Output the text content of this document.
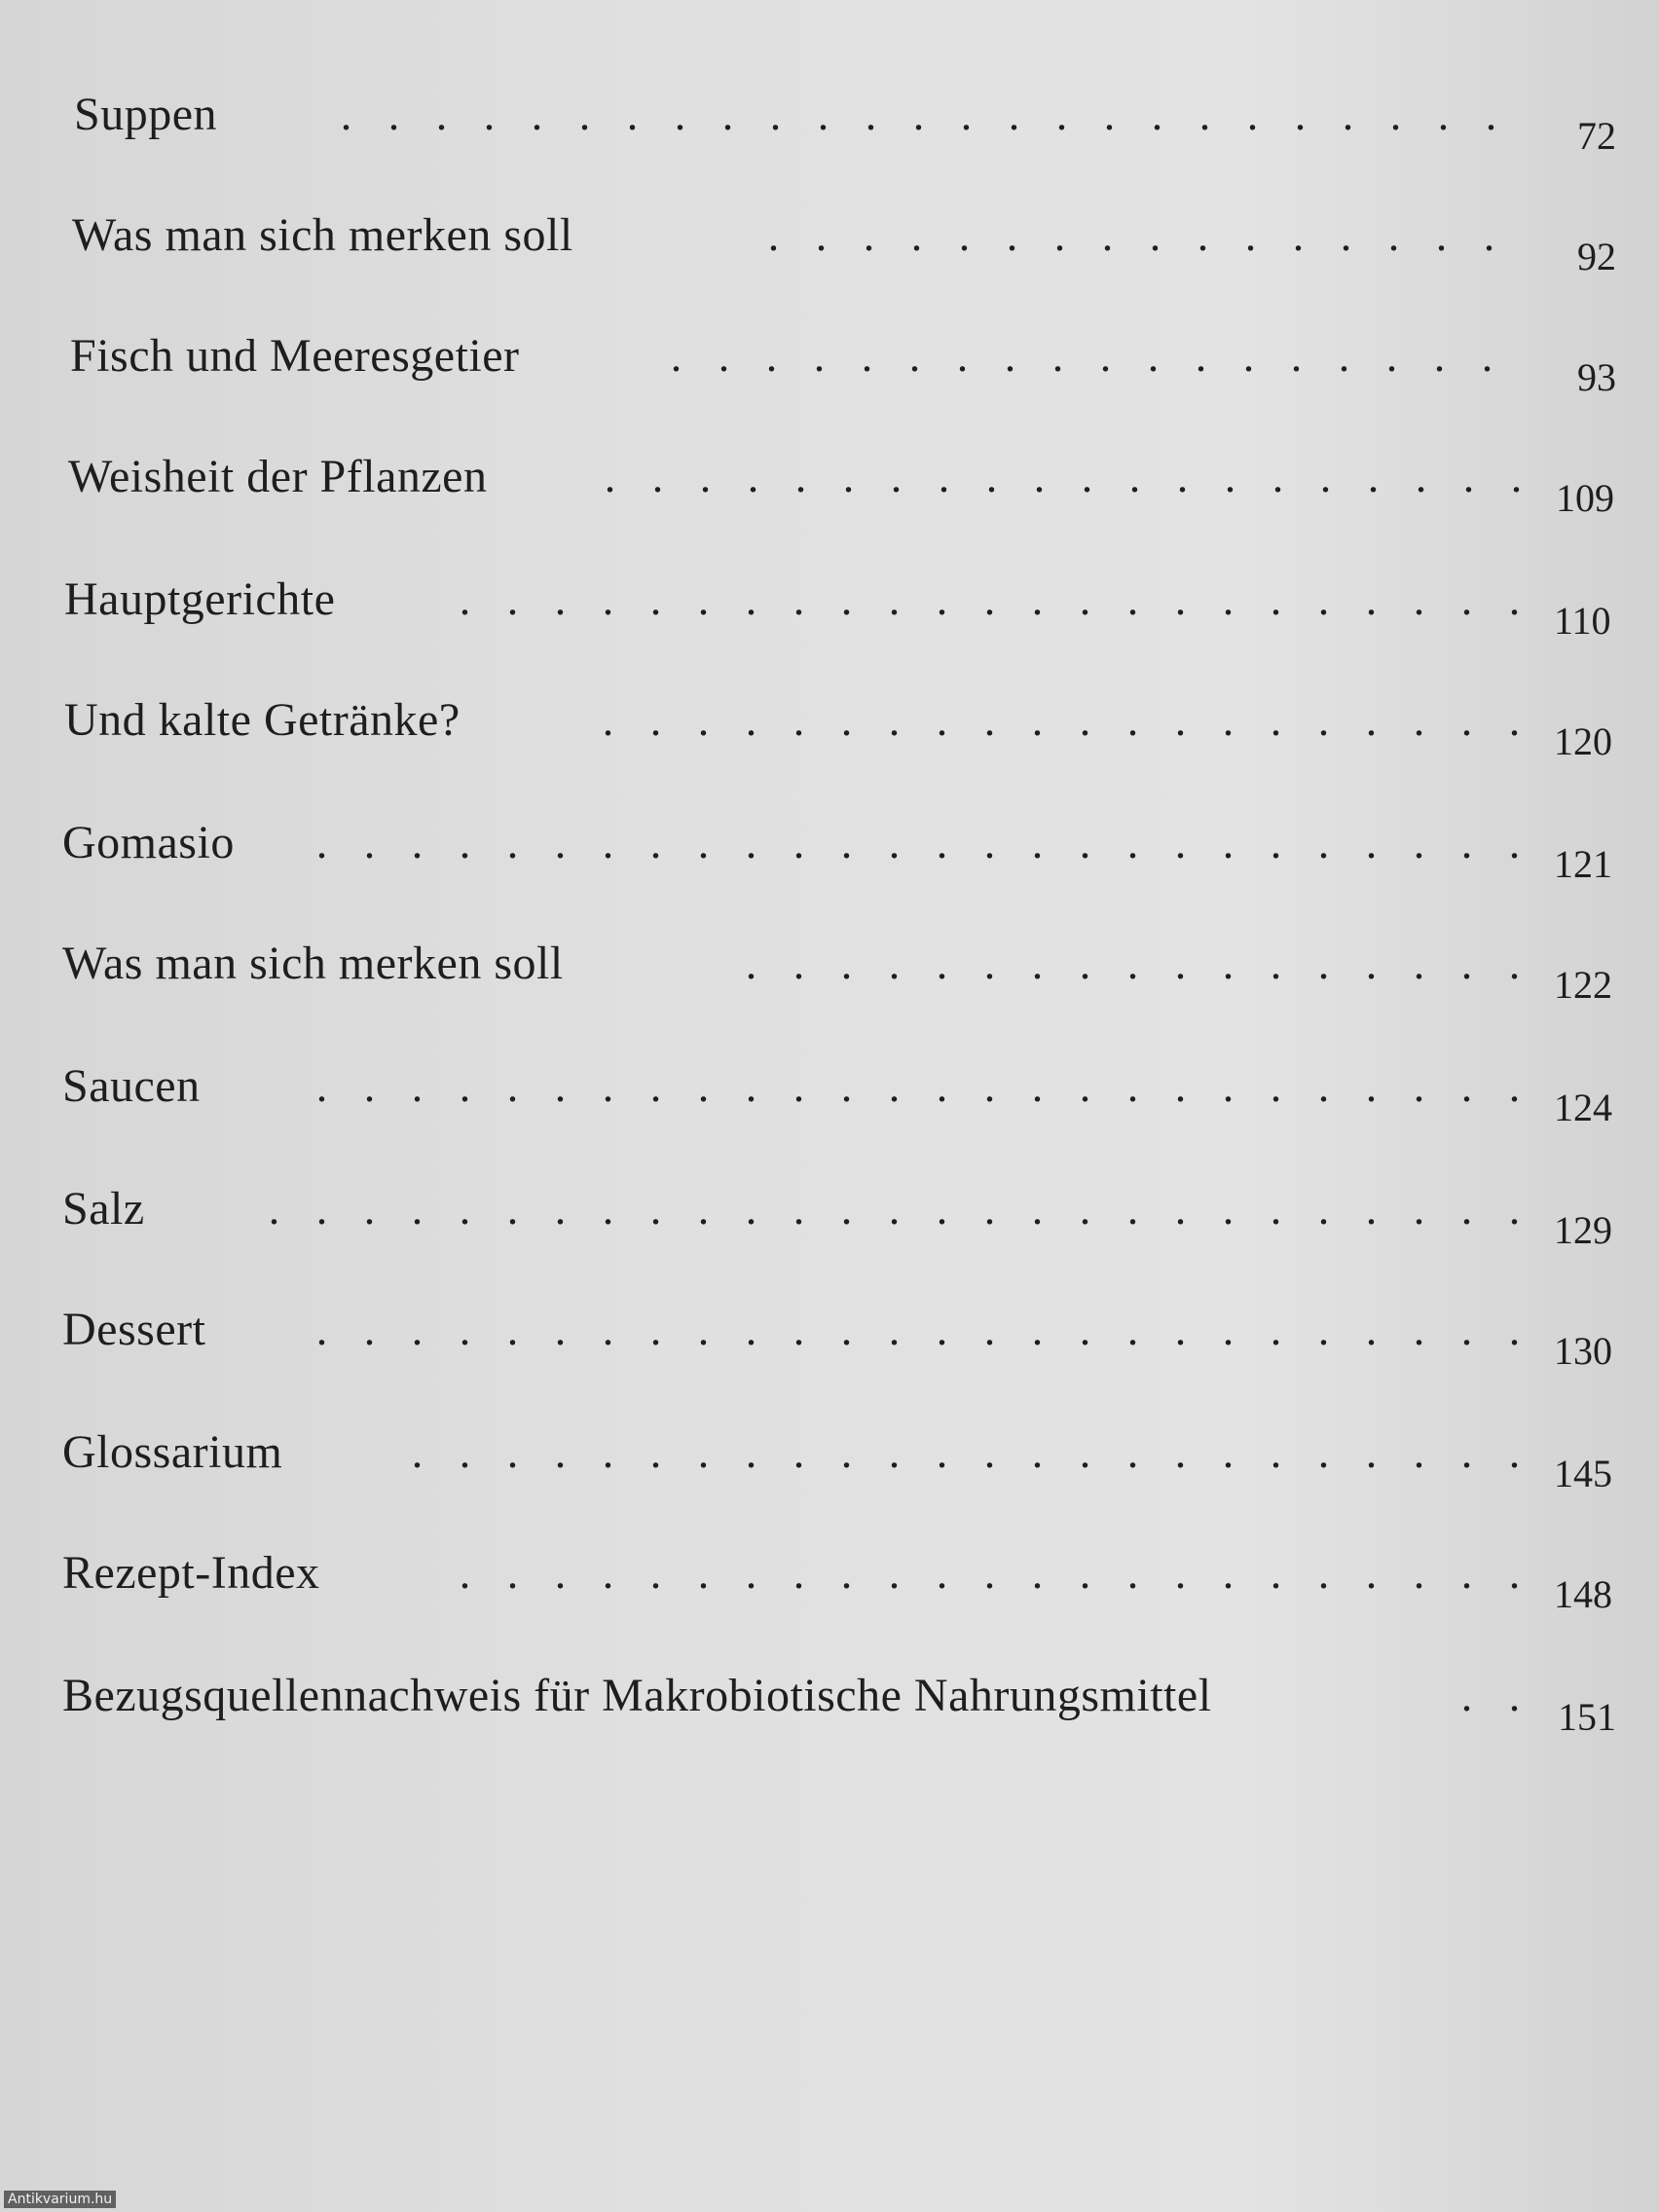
Suppen	. . . . . . . . . . . . . . . . . . . . . . . . .	72
Was man sich merken soll	. . . . . . . . . . . . . . . .	92
Fisch und Meeresgetier	. . . . . . . . . . . . . . . . . .	93
Weisheit der Pflanzen	. . . . . . . . . . . . . . . . . . . . 109
Hauptgerichte	. . . . . . . . . . . . . . . . . . . . . . . 110
Und kalte Getränke?	. . . . . . . . . . . . . . . . . . . . 120
Gomasio	. . . . . . . . . . . . . . . . . . . . . . . . . . 121
Was man sich merken soll	. . . . . . . . . . . . . . . . . 122
Saucen	. . . . . . . . . . . . . . . . . . . . . . . . . . 124
Salz	. . . . . . . . . . . . . . . . . . . . . . . . . . . 129
Dessert	. . . . . . . . . . . . . . . . . . . . . . . . . . 130
Glossarium	. . . . . . . . . . . . . . . . . . . . . . . . 145
Rezept-Index	. . . . . . . . . . . . . . . . . . . . . . . 148
Bezugsquellennachweis für Makrobiotische Nahrungsmittel	. . 151
Antikvarium.hu
